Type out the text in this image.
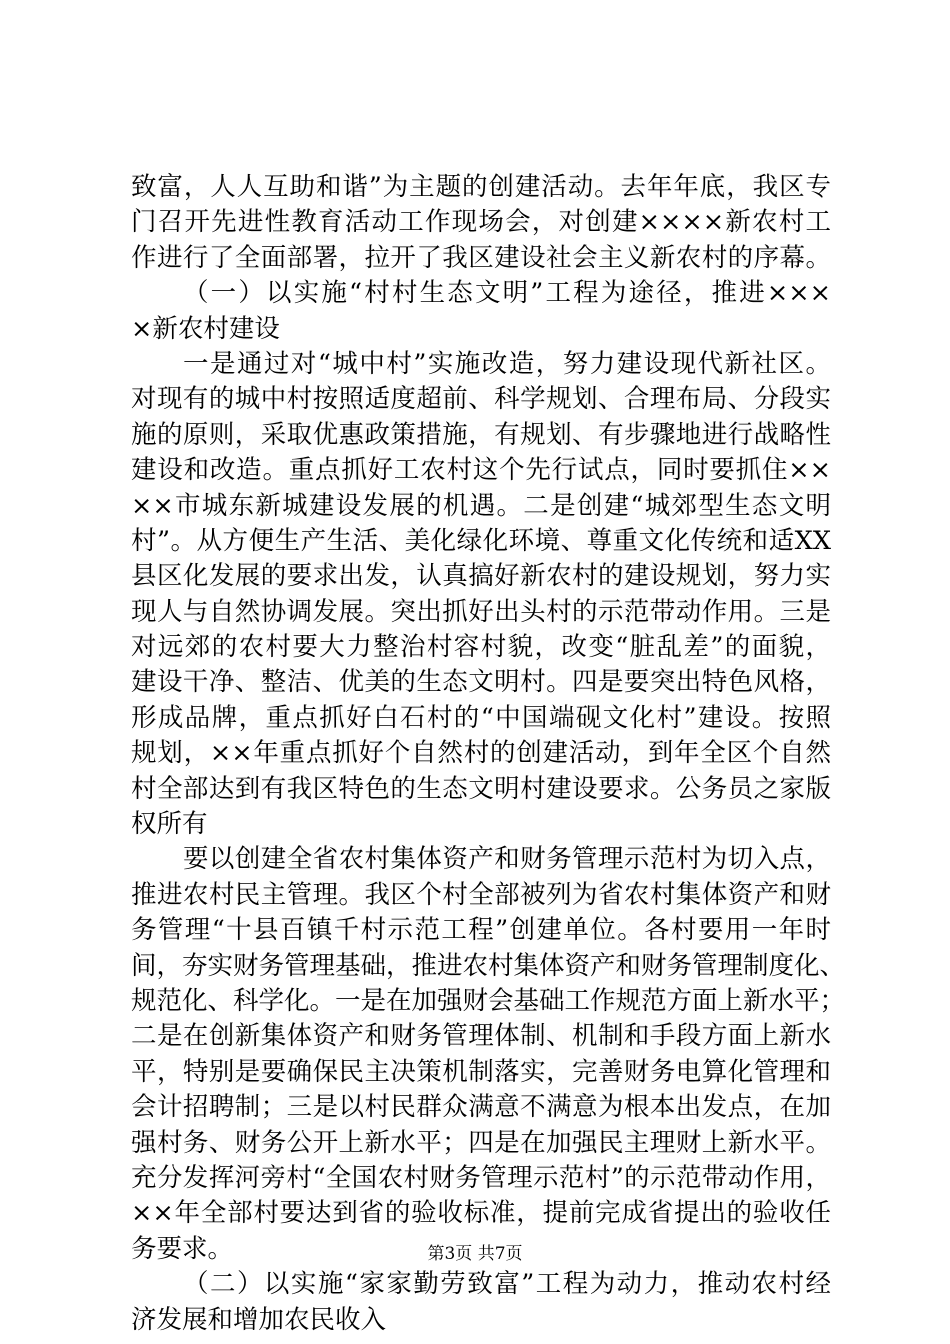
致富，人人互助和谐”为主题的创建活动。去年年底，我区专
门召开先进性教育活动工作现场会，对创建××××新农村工
作进行了全面部署，拉开了我区建设社会主义新农村的序幕。
（一）以实施“村村生态文明”工程为途径，推进×××
×新农村建设
一是通过对“城中村”实施改造，努力建设现代新社区。
对现有的城中村按照适度超前、科学规划、合理布局、分段实
施的原则，采取优惠政策措施，有规划、有步骤地进行战略性
建设和改造。重点抓好工农村这个先行试点，同时要抓住××
××市城东新城建设发展的机遇。二是创建“城郊型生态文明
村”。从方便生产生活、美化绿化环境、尊重文化传统和适XX
县区化发展的要求出发，认真搞好新农村的建设规划，努力实
现人与自然协调发展。突出抓好出头村的示范带动作用。三是
对远郊的农村要大力整治村容村貌，改变“脏乱差”的面貌，
建设干净、整洁、优美的生态文明村。四是要突出特色风格，
形成品牌，重点抓好白石村的“中国端砚文化村”建设。按照
规划，××年重点抓好个自然村的创建活动，到年全区个自然
村全部达到有我区特色的生态文明村建设要求。公务员之家版
权所有
要以创建全省农村集体资产和财务管理示范村为切入点，
推进农村民主管理。我区个村全部被列为省农村集体资产和财
务管理“十县百镇千村示范工程”创建单位。各村要用一年时
间，夯实财务管理基础，推进农村集体资产和财务管理制度化、
规范化、科学化。一是在加强财会基础工作规范方面上新水平；
二是在创新集体资产和财务管理体制、机制和手段方面上新水
平，特别是要确保民主决策机制落实，完善财务电算化管理和
会计招聘制；三是以村民群众满意不满意为根本出发点，在加
强村务、财务公开上新水平；四是在加强民主理财上新水平。
充分发挥河旁村“全国农村财务管理示范村”的示范带动作用，
××年全部村要达到省的验收标准，提前完成省提出的验收任
务要求。
（二）以实施“家家勤劳致富”工程为动力，推动农村经
济发展和增加农民收入
第3页 共7页
